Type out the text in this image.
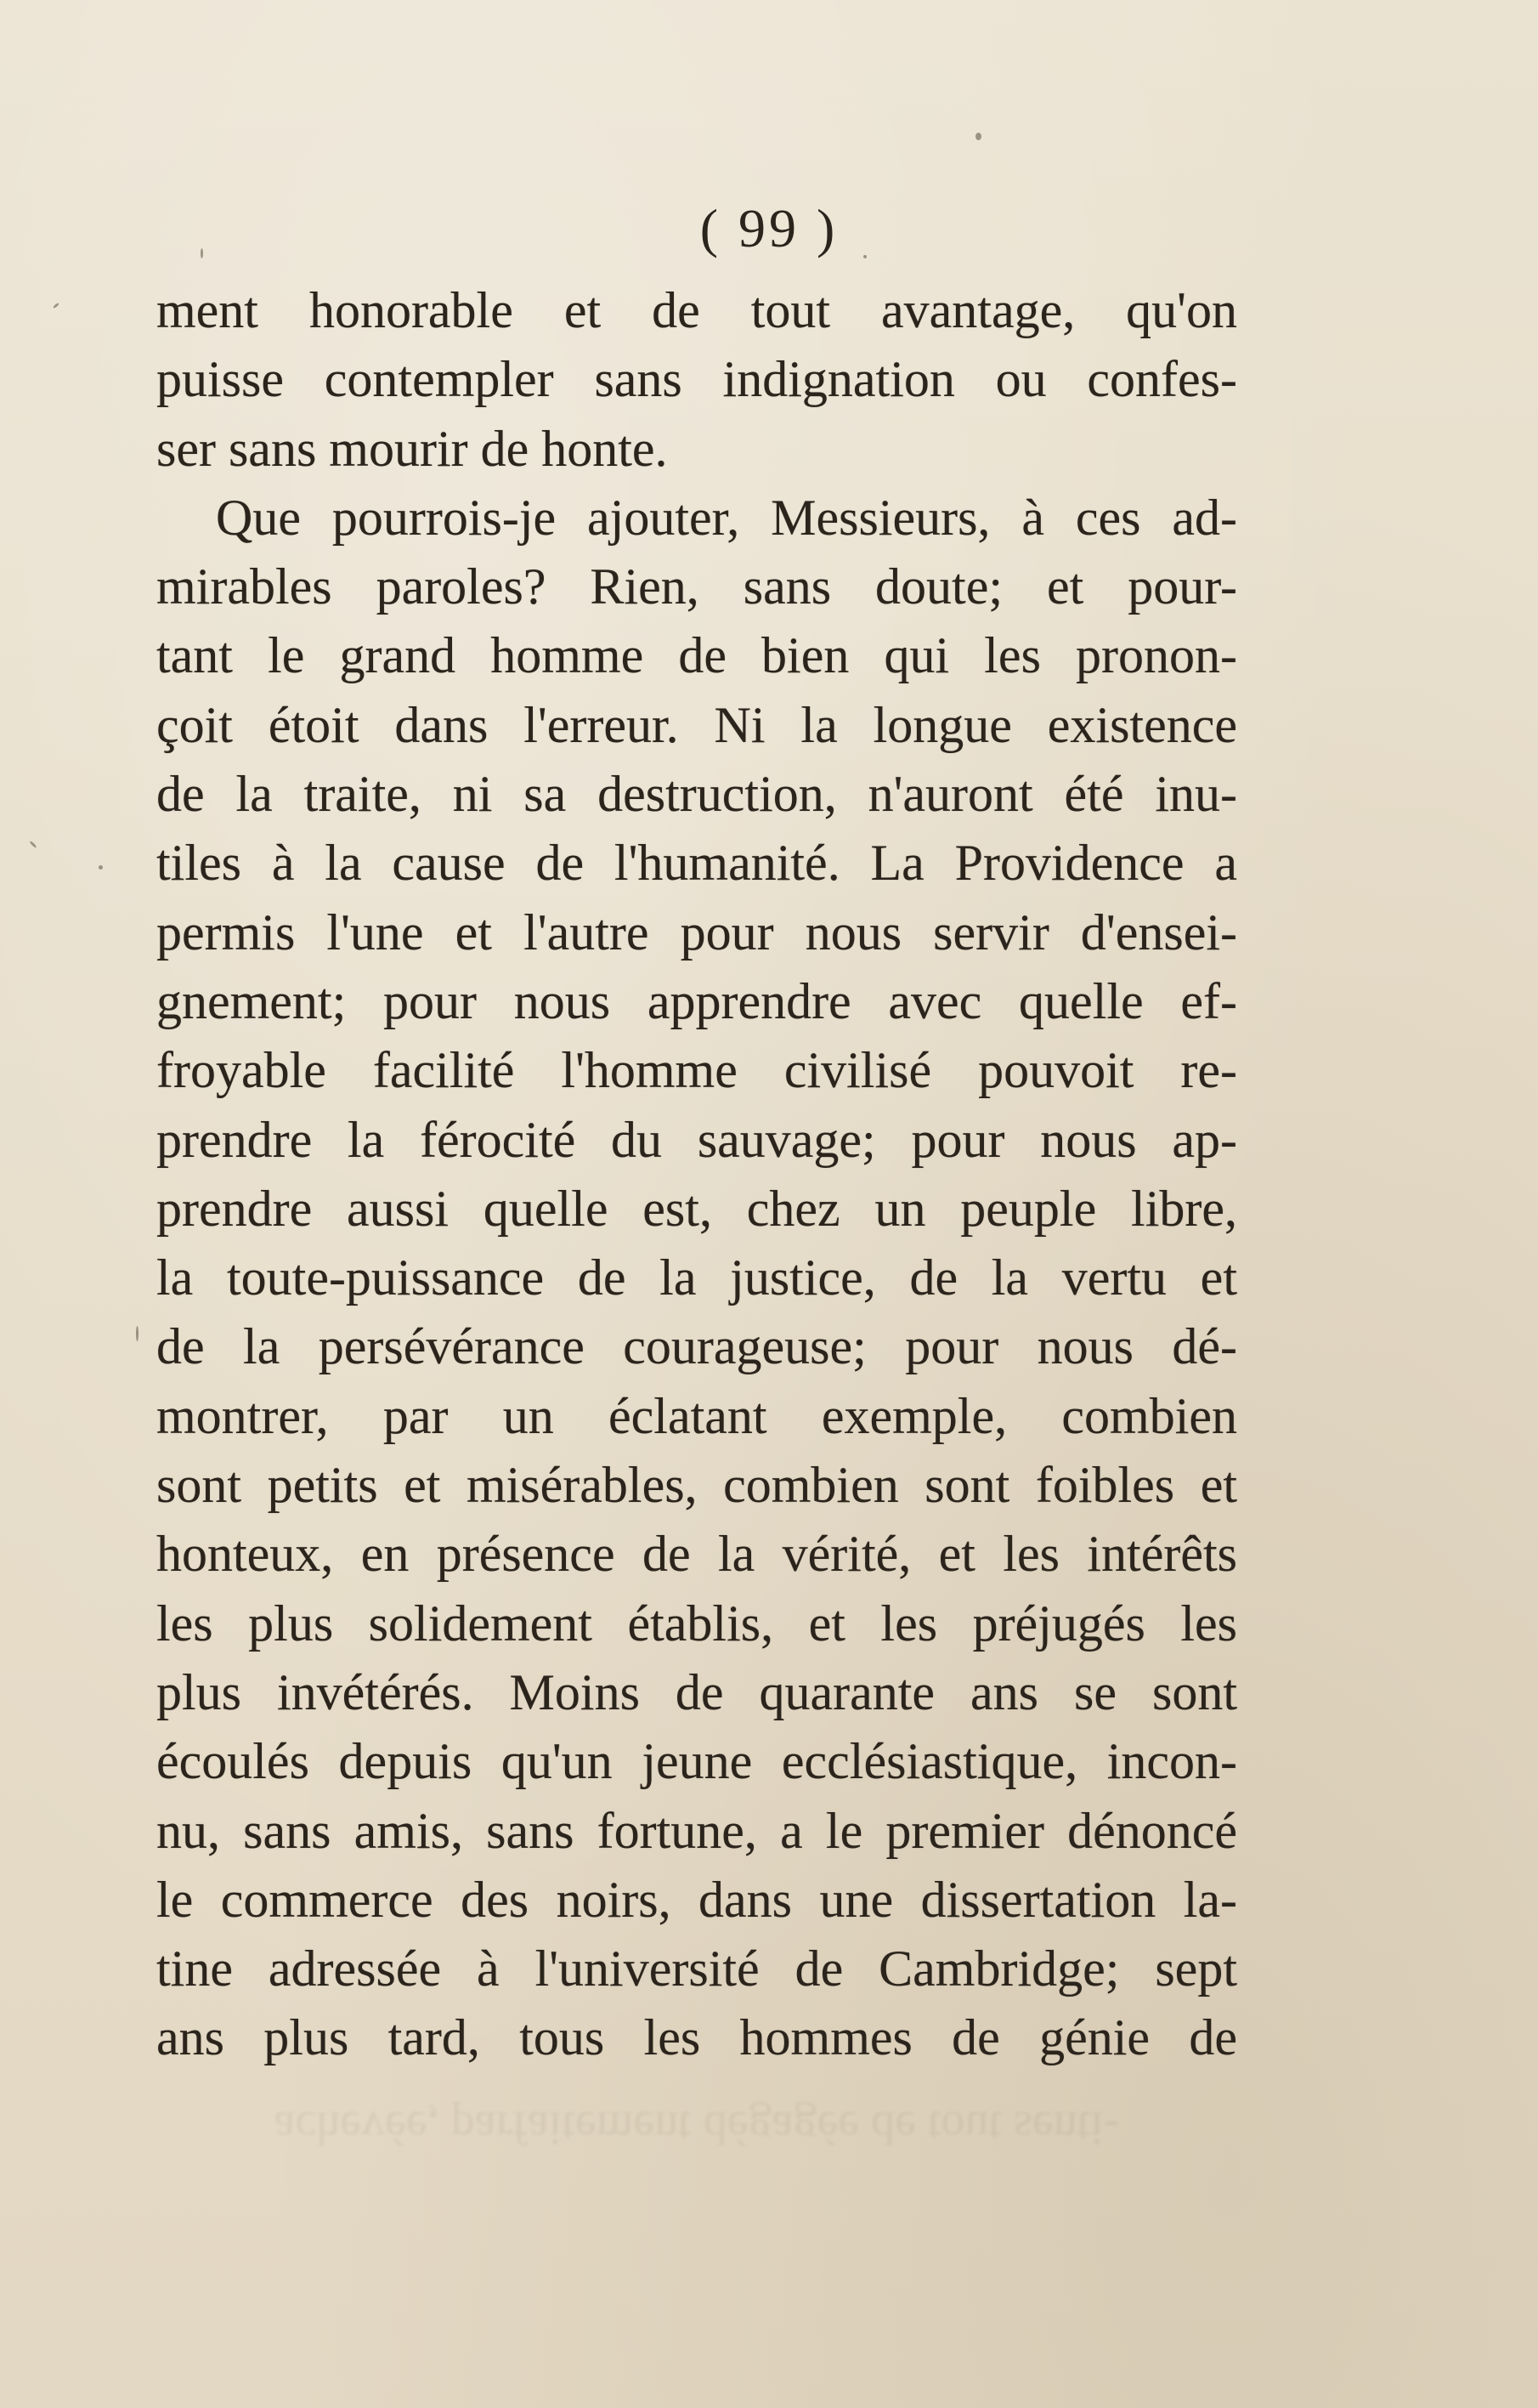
( 99 )
ment honorable et de tout avantage, qu'on
puisse contempler sans indignation ou confes-
ser sans mourir de honte.
Que pourrois-je ajouter, Messieurs, à ces ad-
mirables paroles? Rien, sans doute; et pour-
tant le grand homme de bien qui les pronon-
çoit étoit dans l'erreur. Ni la longue existence
de la traite, ni sa destruction, n'auront été inu-
tiles à la cause de l'humanité. La Providence a
permis l'une et l'autre pour nous servir d'ensei-
gnement; pour nous apprendre avec quelle ef-
froyable facilité l'homme civilisé pouvoit re-
prendre la férocité du sauvage; pour nous ap-
prendre aussi quelle est, chez un peuple libre,
la toute-puissance de la justice, de la vertu et
de la persévérance courageuse; pour nous dé-
montrer, par un éclatant exemple, combien
sont petits et misérables, combien sont foibles et
honteux, en présence de la vérité, et les intérêts
les plus solidement établis, et les préjugés les
plus invétérés. Moins de quarante ans se sont
écoulés depuis qu'un jeune ecclésiastique, incon-
nu, sans amis, sans fortune, a le premier dénoncé
le commerce des noirs, dans une dissertation la-
tine adressée à l'université de Cambridge; sept
ans plus tard, tous les hommes de génie de
achevée, parfaitement dégagée de tout senti-
